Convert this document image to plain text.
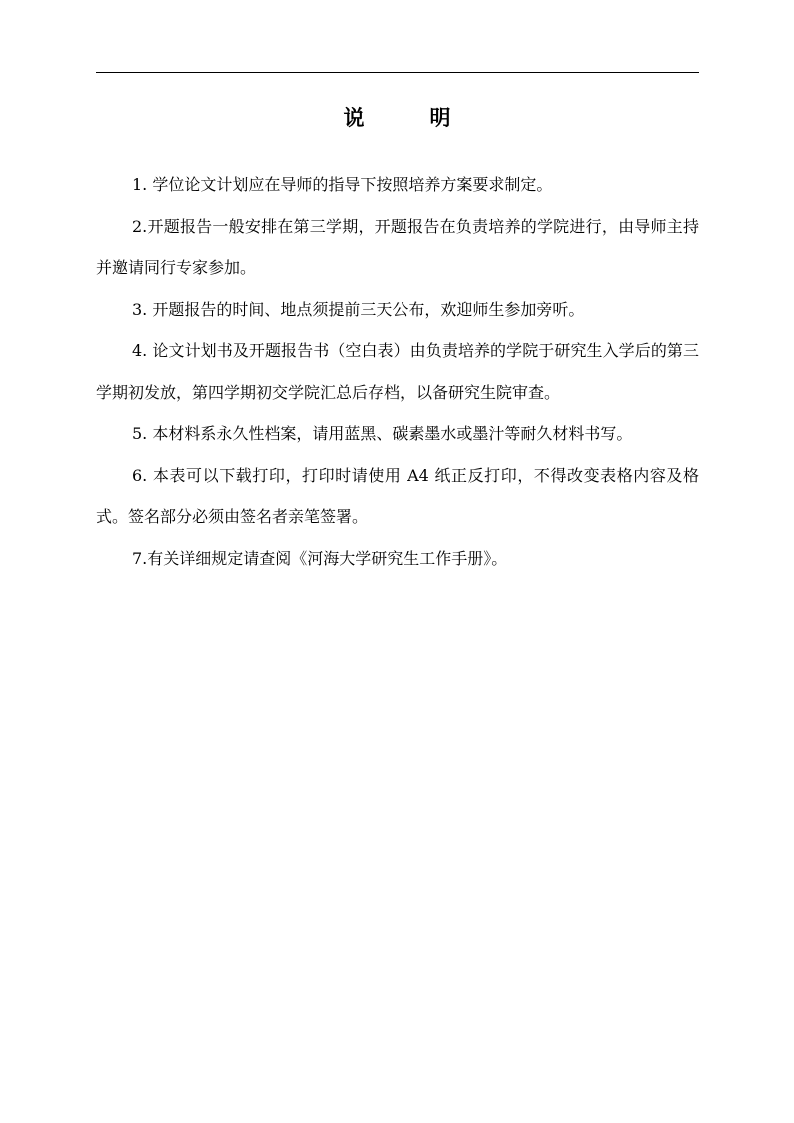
说　明
1. 学位论文计划应在导师的指导下按照培养方案要求制定。
2.开题报告一般安排在第三学期，开题报告在负责培养的学院进行，由导师主持并邀请同行专家参加。
3. 开题报告的时间、地点须提前三天公布，欢迎师生参加旁听。
4. 论文计划书及开题报告书（空白表）由负责培养的学院于研究生入学后的第三学期初发放，第四学期初交学院汇总后存档，以备研究生院审查。
5. 本材料系永久性档案，请用蓝黑、碳素墨水或墨汁等耐久材料书写。
6. 本表可以下载打印，打印时请使用 A4 纸正反打印，不得改变表格内容及格式。签名部分必须由签名者亲笔签署。
7.有关详细规定请查阅《河海大学研究生工作手册》。
